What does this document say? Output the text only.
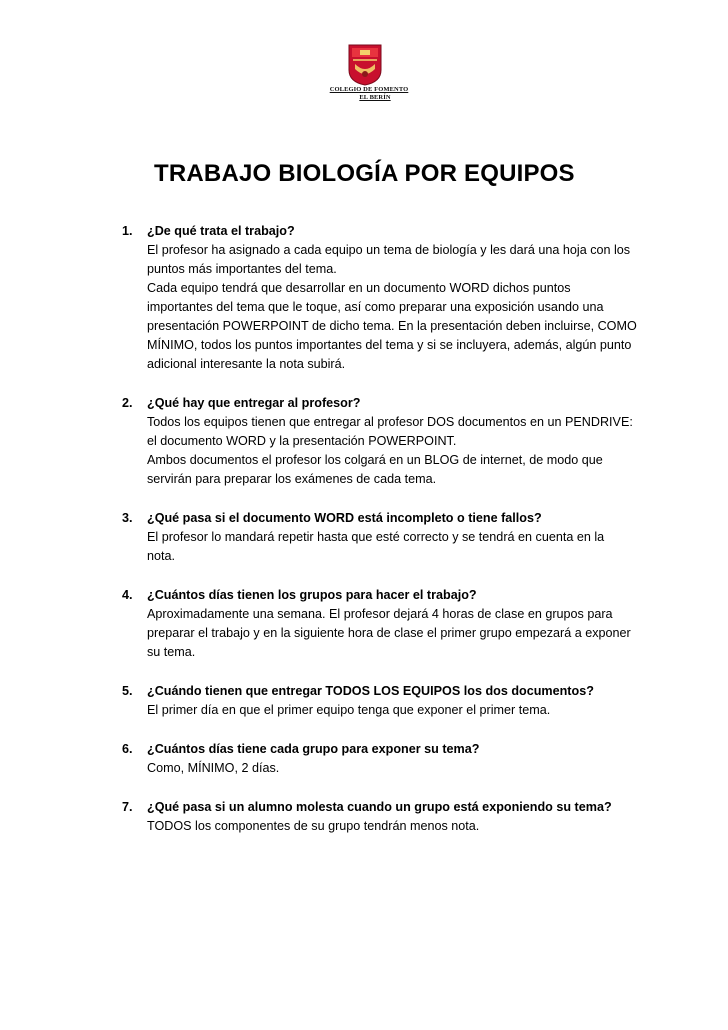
COLEGIO DE FOMENTO
EL BERÍN
TRABAJO BIOLOGÍA POR EQUIPOS
1. ¿De qué trata el trabajo?
El profesor ha asignado a cada equipo un tema de biología y les dará una hoja con los
puntos más importantes del tema.
Cada equipo tendrá que desarrollar en un documento WORD dichos puntos
importantes del tema que le toque, así como preparar una exposición usando una
presentación POWERPOINT de dicho tema. En la presentación deben incluirse, COMO
MÍNIMO, todos los puntos importantes del tema y si se incluyera, además, algún punto
adicional interesante la nota subirá.
2. ¿Qué hay que entregar al profesor?
Todos los equipos tienen que entregar al profesor DOS documentos en un PENDRIVE:
el documento WORD y la presentación POWERPOINT.
Ambos documentos el profesor los colgará en un BLOG de internet, de modo que
servirán para preparar los exámenes de cada tema.
3. ¿Qué pasa si el documento WORD está incompleto o tiene fallos?
El profesor lo mandará repetir hasta que esté correcto y se tendrá en cuenta en la
nota.
4. ¿Cuántos días tienen los grupos para hacer el trabajo?
Aproximadamente una semana. El profesor dejará 4 horas de clase en grupos para
preparar el trabajo y en la siguiente hora de clase el primer grupo empezará a exponer
su tema.
5. ¿Cuándo tienen que entregar TODOS LOS EQUIPOS los dos documentos?
El primer día en que el primer equipo tenga que exponer el primer tema.
6. ¿Cuántos días tiene cada grupo para exponer su tema?
Como, MÍNIMO, 2 días.
7. ¿Qué pasa si un alumno molesta cuando un grupo está exponiendo su tema?
TODOS los componentes de su grupo tendrán menos nota.
